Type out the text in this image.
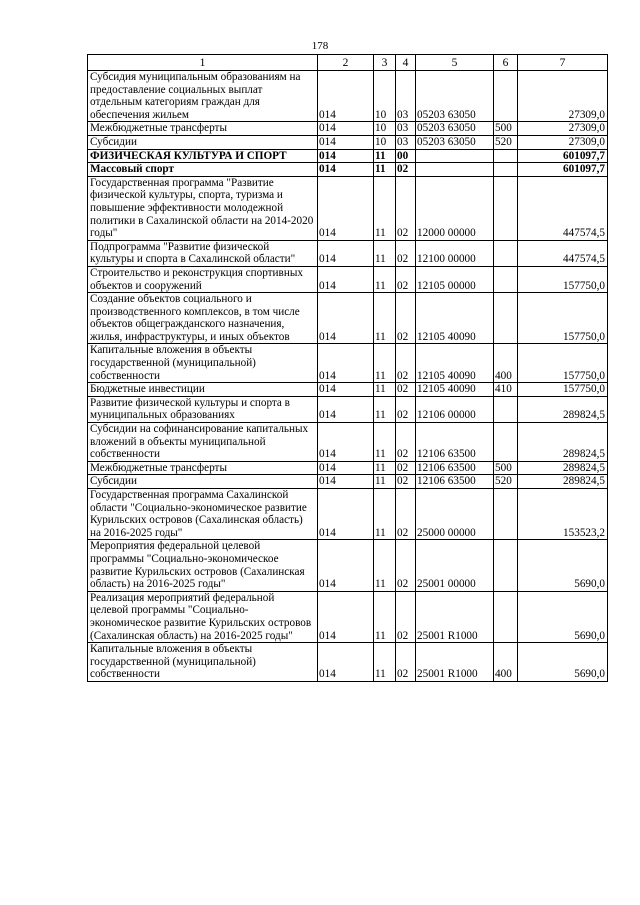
178
1	2	3	4	5	6	7
Субсидия муниципальным образованиям на предоставление социальных выплат отдельным категориям граждан для обеспечения жильем	014	10	03	05203 63050		27309,0
Межбюджетные трансферты	014	10	03	05203 63050	500	27309,0
Субсидии	014	10	03	05203 63050	520	27309,0
ФИЗИЧЕСКАЯ КУЛЬТУРА И СПОРТ	014	11	00			601097,7
Массовый спорт	014	11	02			601097,7
Государственная программа "Развитие физической культуры, спорта, туризма и повышение эффективности молодежной политики в Сахалинской области на 2014-2020 годы"	014	11	02	12000 00000		447574,5
Подпрограмма "Развитие физической культуры и спорта в Сахалинской области"	014	11	02	12100 00000		447574,5
Строительство и реконструкция спортивных объектов и сооружений	014	11	02	12105 00000		157750,0
Создание объектов социального и производственного комплексов, в том числе объектов общегражданского назначения, жилья, инфраструктуры, и иных объектов	014	11	02	12105 40090		157750,0
Капитальные вложения в объекты государственной (муниципальной) собственности	014	11	02	12105 40090	400	157750,0
Бюджетные инвестиции	014	11	02	12105 40090	410	157750,0
Развитие физической культуры и спорта в муниципальных образованиях	014	11	02	12106 00000		289824,5
Субсидии на софинансирование капитальных вложений в объекты муниципальной собственности	014	11	02	12106 63500		289824,5
Межбюджетные трансферты	014	11	02	12106 63500	500	289824,5
Субсидии	014	11	02	12106 63500	520	289824,5
Государственная программа Сахалинской области "Социально-экономическое развитие Курильских островов (Сахалинская область) на 2016-2025 годы"	014	11	02	25000 00000		153523,2
Мероприятия федеральной целевой программы "Социально-экономическое развитие Курильских островов (Сахалинская область) на 2016-2025 годы"	014	11	02	25001 00000		5690,0
Реализация мероприятий федеральной целевой программы "Социально-экономическое развитие Курильских островов (Сахалинская область) на 2016-2025 годы"	014	11	02	25001 R1000		5690,0
Капитальные вложения в объекты государственной (муниципальной) собственности	014	11	02	25001 R1000	400	5690,0
